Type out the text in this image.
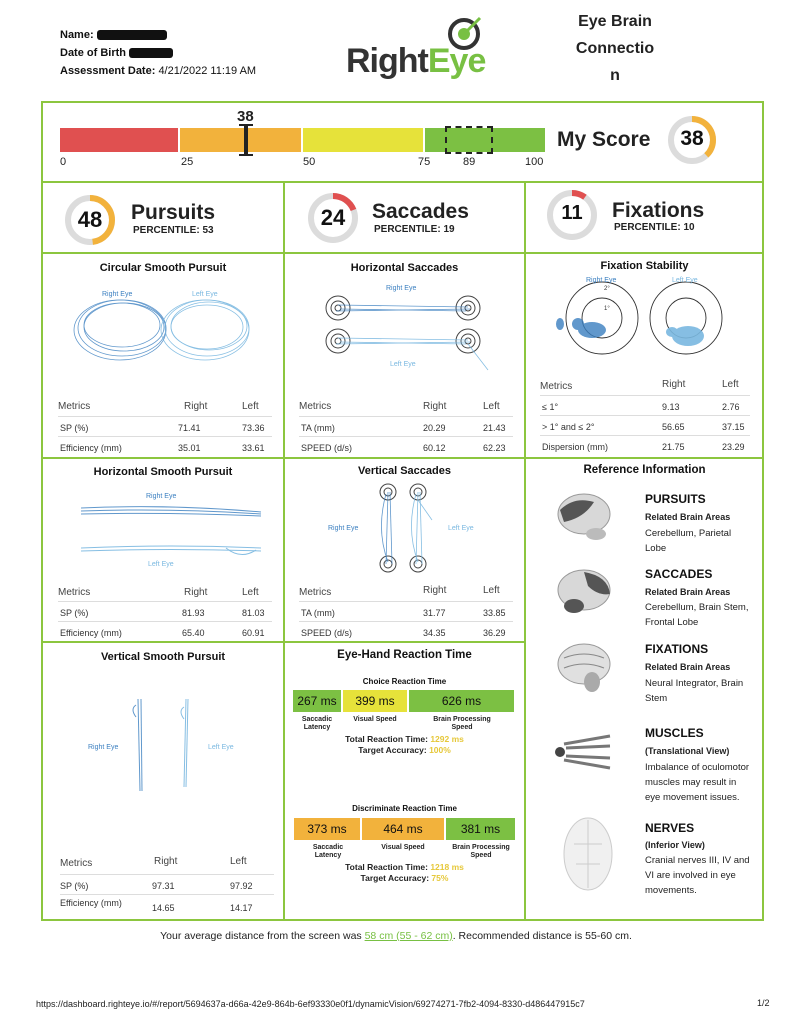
Name:
Date of Birth
Assessment Date: 4/21/2022 11:19 AM	RightEye
Eye Brain
Connectio
n
38
0	25	50	75	89	100
My Score	38
48	Pursuits
PERCENTILE: 53
24	Saccades
PERCENTILE: 19
11	Fixations
PERCENTILE: 10
Circular Smooth Pursuit
Right Eye	Left Eye
Metrics	Right	Left
SP (%)	71.41	73.36
Efficiency (mm)	35.01	33.61
Horizontal Saccades
Right Eye
Left Eye
Metrics	Right	Left
TA (mm)	20.29	21.43
SPEED (d/s)	60.12	62.23
Fixation Stability
Right Eye	Left Eye
1°
2°
Metrics	Right	Left
≤ 1°	9.13	2.76
> 1° and ≤ 2°	56.65	37.15
Dispersion (mm)	21.75	23.29
Horizontal Smooth Pursuit
Right Eye
Left Eye
Metrics	Right	Left
SP (%)	81.93	81.03
Efficiency (mm)	65.40	60.91
Vertical Saccades
Right Eye	Left Eye
Metrics	Right	Left
TA (mm)	31.77	33.85
SPEED (d/s)	34.35	36.29
Vertical Smooth Pursuit
Right Eye	Left Eye
Metrics	Right	Left
SP (%)	97.31	97.92
Efficiency (mm)	14.65	14.17
Eye-Hand Reaction Time
Choice Reaction Time
267 ms	399 ms	626 ms
Saccadic Latency
Visual Speed	Brain Processing Speed
Total Reaction Time: 1292 ms
Target Accuracy: 100%
Discriminate Reaction Time
373 ms	464 ms	381 ms
Saccadic Latency
Visual Speed	Brain Processing Speed
Total Reaction Time: 1218 ms
Target Accuracy: 75%
Reference Information
PURSUITS
Related Brain Areas
Cerebellum, Parietal
Lobe
SACCADES
Related Brain Areas
Cerebellum, Brain Stem,
Frontal Lobe
FIXATIONS
Related Brain Areas
Neural Integrator, Brain
Stem
MUSCLES
(Translational View)
Imbalance of oculomotor
muscles may result in
eye movement issues.
NERVES
(Inferior View)
Cranial nerves III, IV and
VI are involved in eye
movements.
Your average distance from the screen was 58 cm (55 - 62 cm). Recommended distance is 55-60 cm.
https://dashboard.righteye.io/#/report/5694637a-d66a-42e9-864b-6ef93330e0f1/dynamicVision/69274271-7fb2-4094-8330-d486447915c7	1/2
